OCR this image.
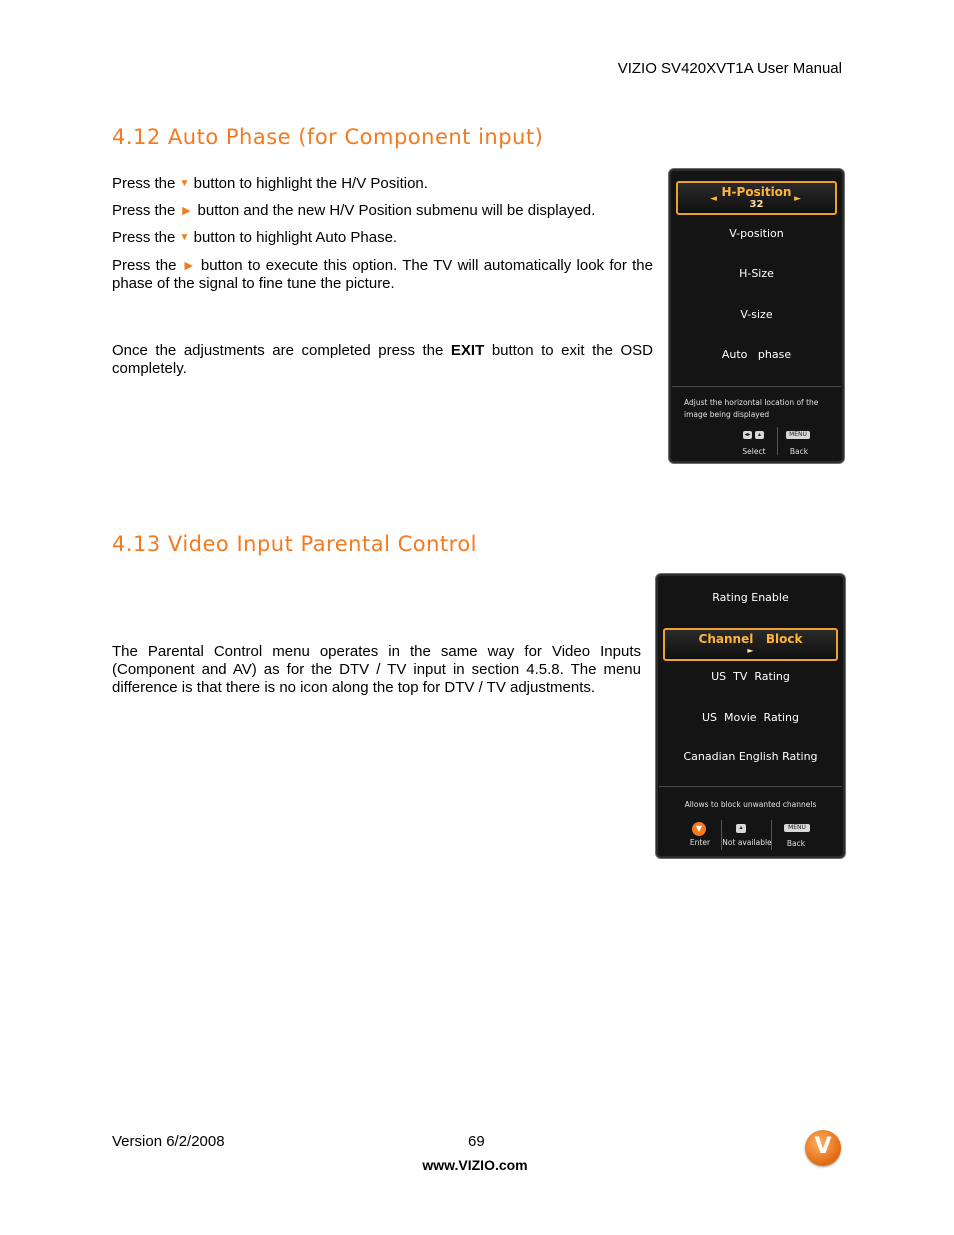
VIZIO SV420XVT1A User Manual
4.12 Auto Phase (for Component input)
Press the ▼ button to highlight the H/V Position.
Press the ► button and the new H/V Position submenu will be displayed.
Press the ▼ button to highlight Auto Phase.
Press the ► button to execute this option. The TV will automatically look for the phase of the signal to fine tune the picture.
Once the adjustments are completed press the EXIT button to exit the OSD completely.
H-Position
32
◄	►
V-position
H-Size
V-size
Auto   phase
Adjust the horizontal location of the image being displayed
◂▸	▴	MENU
Select	Back
4.13 Video Input Parental Control
The Parental Control menu operates in the same way for Video Inputs (Component and AV) as for the DTV / TV input in section 4.5.8. The menu difference is that there is no icon along the top for DTV / TV adjustments.
Rating Enable
Channel   Block
►
US  TV  Rating
US  Movie  Rating
Canadian English Rating
Allows to block unwanted channels
▼	▴	MENU
Enter	Not available	Back
Version 6/2/2008	69
www.VIZIO.com
V
